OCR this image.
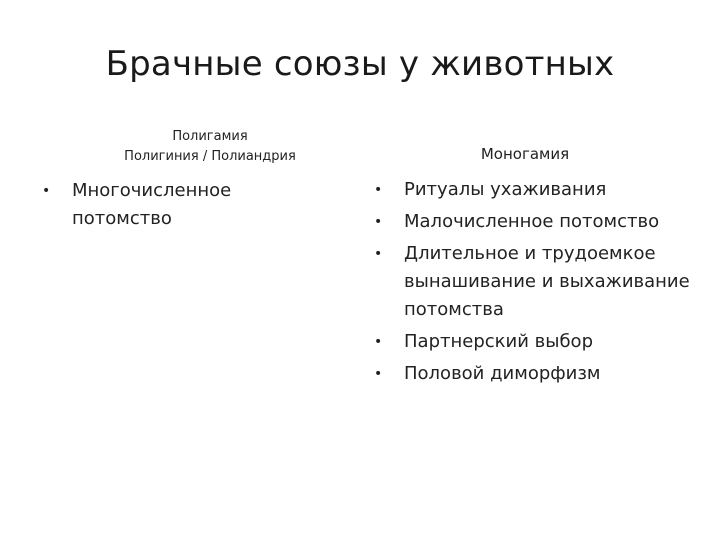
Брачные союзы у животных
Полигамия
Полигиния / Полиандрия
•	Многочисленное потомство
Моногамия
•	Ритуалы ухаживания
•	Малочисленное потомство
•	Длительное и трудоемкое вынашивание и выхаживание потомства
•	Партнерский выбор
•	Половой диморфизм
